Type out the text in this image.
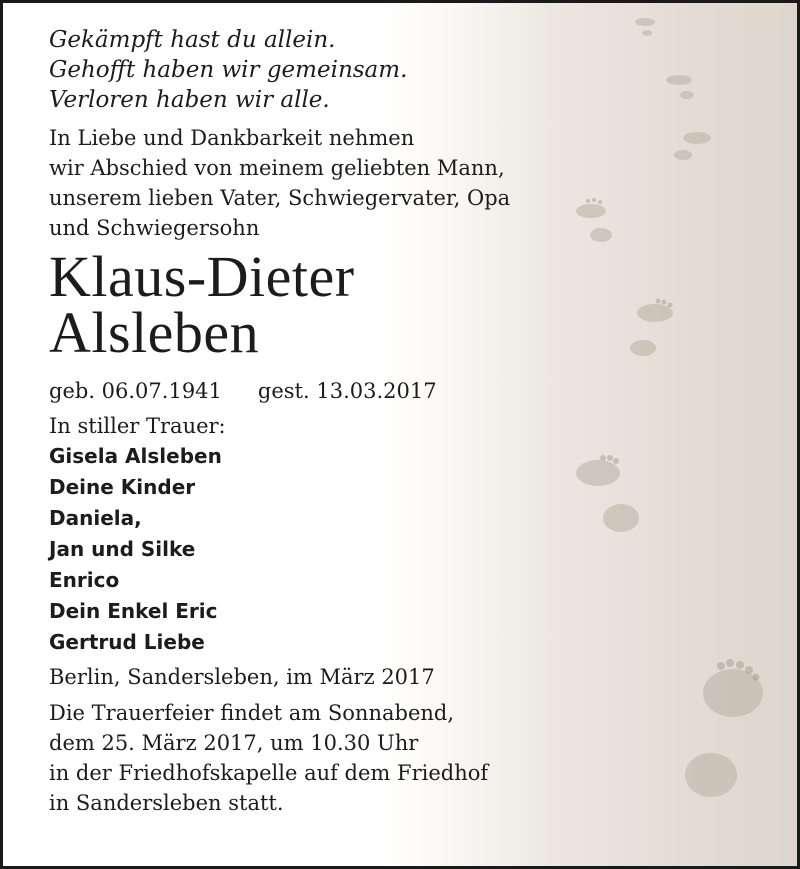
Gekämpft hast du allein.
Gehofft haben wir gemeinsam.
Verloren haben wir alle.
In Liebe und Dankbarkeit nehmen
wir Abschied von meinem geliebten Mann,
unserem lieben Vater, Schwiegervater, Opa
und Schwiegersohn
Klaus-Dieter
Alsleben
geb. 06.07.1941 gest. 13.03.2017
In stiller Trauer:
Gisela Alsleben
Deine Kinder
Daniela,
Jan und Silke
Enrico
Dein Enkel Eric
Gertrud Liebe
Berlin, Sandersleben, im März 2017
Die Trauerfeier findet am Sonnabend,
dem 25. März 2017, um 10.30 Uhr
in der Friedhofskapelle auf dem Friedhof
in Sandersleben statt.
